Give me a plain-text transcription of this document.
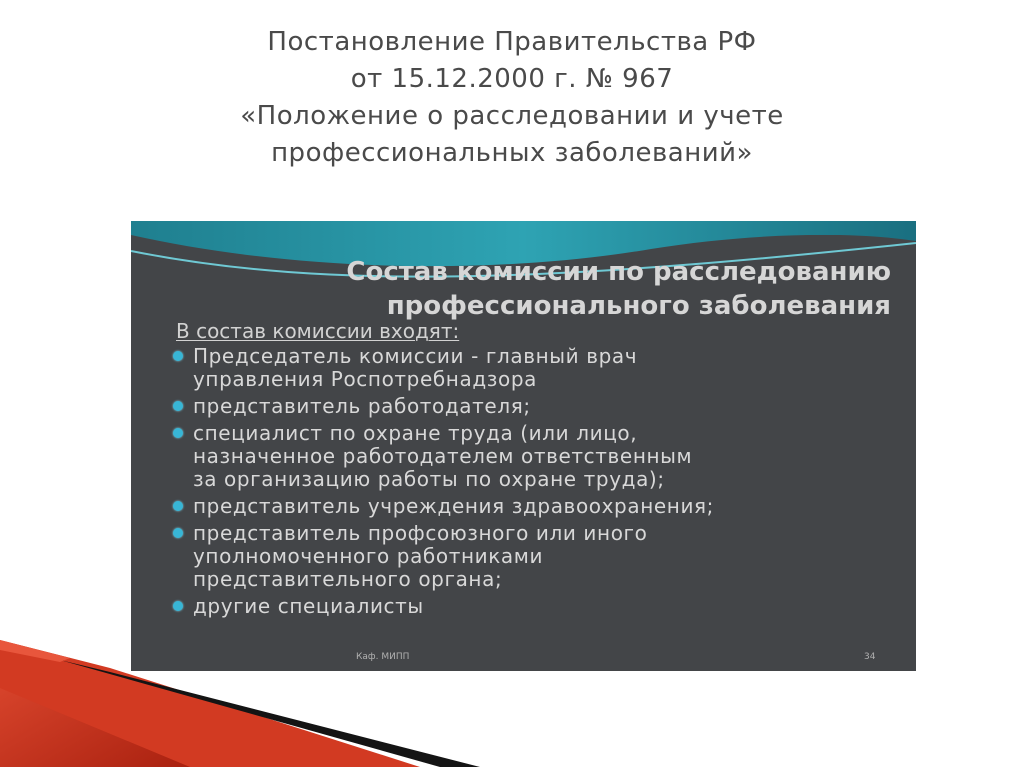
Постановление Правительства РФ
от 15.12.2000 г. № 967
«Положение о расследовании и учете
профессиональных заболеваний»
Состав комиссии по расследованию
профессионального заболевания
В состав комиссии входят:
Председатель комиссии - главный врач
управления Роспотребнадзора
представитель работодателя;
специалист по охране труда (или лицо,
назначенное работодателем ответственным
за организацию работы по охране труда);
представитель учреждения здравоохранения;
представитель профсоюзного или иного
уполномоченного работниками
представительного органа;
другие специалисты
Каф. МИПП	34
